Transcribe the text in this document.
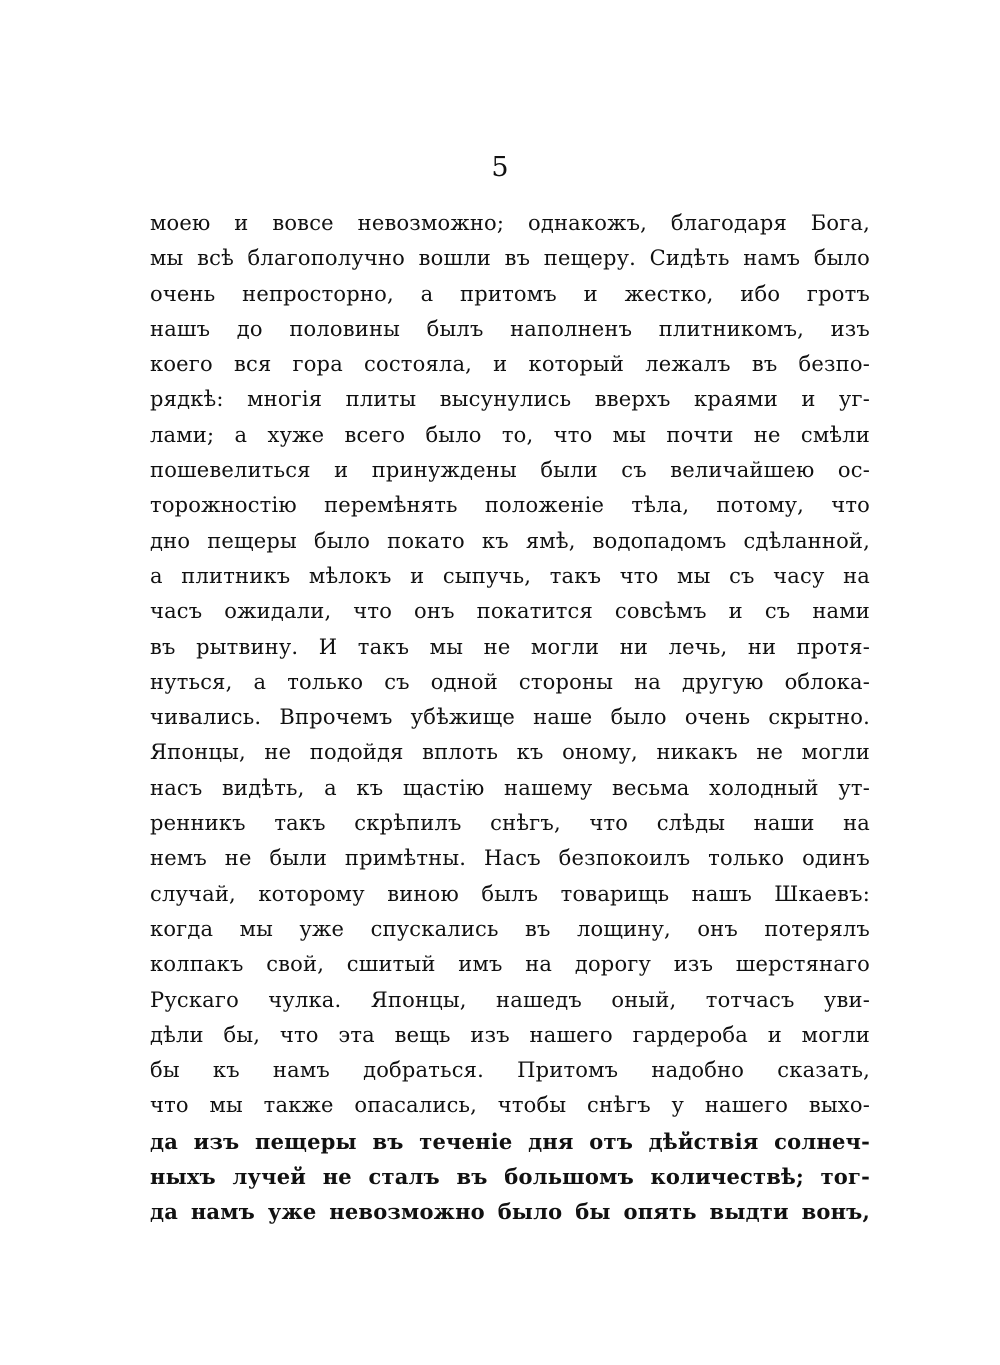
5
моею и вовсе невозможно; однакожъ, благодаря Бога,
мы всѣ благополучно вошли въ пещеру. Сидѣть намъ было
очень непросторно, а притомъ и жестко, ибо гротъ
нашъ до половины былъ наполненъ плитникомъ, изъ
коего вся гора состояла, и который лежалъ въ безпо-
рядкѣ: многія плиты высунулись вверхъ краями и уг-
лами; а хуже всего было то, что мы почти не смѣли
пошевелиться и принуждены были съ величайшею ос-
торожностію перемѣнять положеніе тѣла, потому, что
дно пещеры было покато къ ямѣ, водопадомъ сдѣланной,
а плитникъ мѣлокъ и сыпучь, такъ что мы съ часу на
часъ ожидали, что онъ покатится совсѣмъ и съ нами
въ рытвину. И такъ мы не могли ни лечь, ни протя-
нуться, а только съ одной стороны на другую облока-
чивались. Впрочемъ убѣжище наше было очень скрытно.
Японцы, не подойдя вплоть къ оному, никакъ не могли
насъ видѣть, а къ щастію нашему весьма холодный ут-
ренникъ такъ скрѣпилъ снѣгъ, что слѣды наши на
немъ не были примѣтны. Насъ безпокоилъ только одинъ
случай, которому виною былъ товарищь нашъ Шкаевъ:
когда мы уже спускались въ лощину, онъ потерялъ
колпакъ свой, сшитый имъ на дорогу изъ шерстянаго
Рускаго чулка. Японцы, нашедъ оный, тотчасъ уви-
дѣли бы, что эта вещь изъ нашего гардероба и могли
бы къ намъ добраться. Притомъ надобно сказать,
что мы также опасались, чтобы снѣгъ у нашего выхо-
да изъ пещеры въ теченіе дня отъ дѣйствія солнеч-
ныхъ лучей не сталъ въ большомъ количествѣ; тог-
да намъ уже невозможно было бы опять выдти вонъ,
